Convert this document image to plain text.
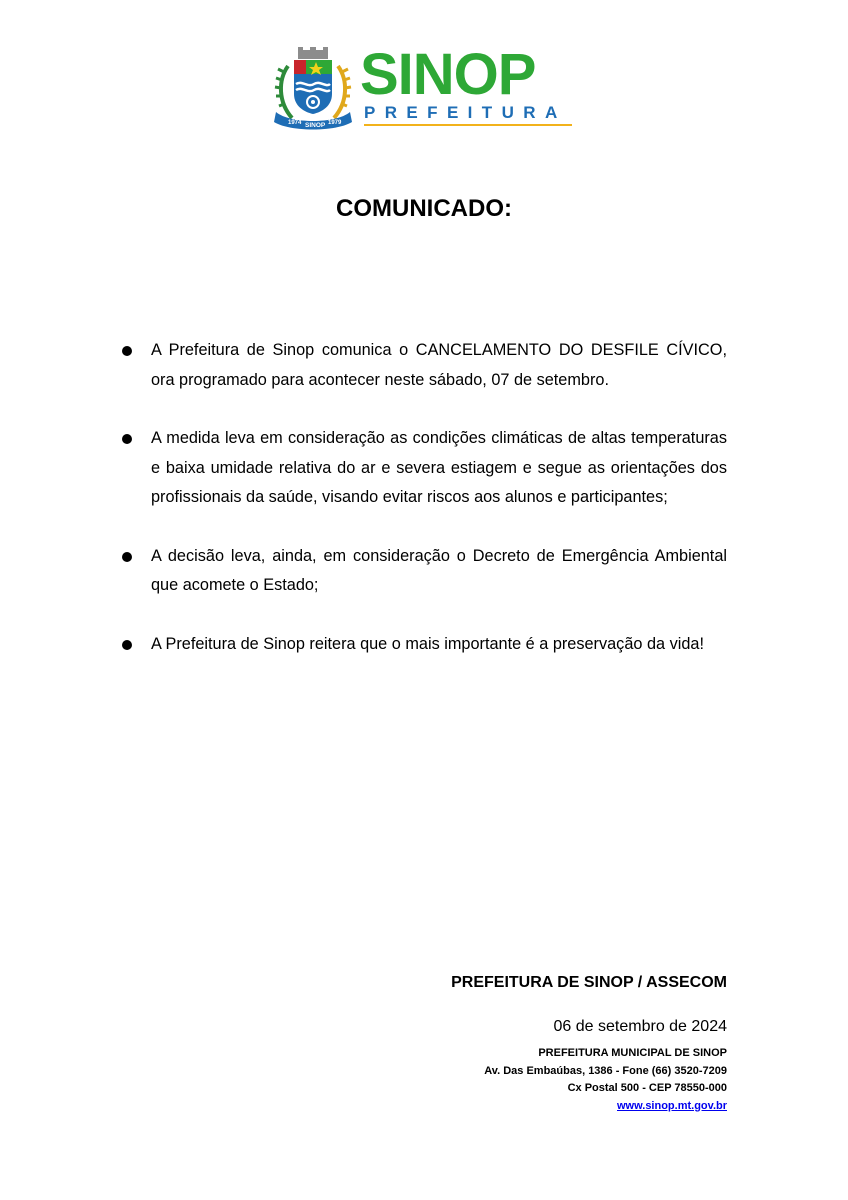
1974 SINOP 1979
SINOP
PREFEITURA
COMUNICADO:
A Prefeitura de Sinop comunica o CANCELAMENTO DO DESFILE CÍVICO, ora programado para acontecer neste sábado, 07 de setembro.
A medida leva em consideração as condições climáticas de altas temperaturas e baixa umidade relativa do ar e severa estiagem e segue as orientações dos profissionais da saúde, visando evitar riscos aos alunos e participantes;
A decisão leva, ainda, em consideração o Decreto de Emergência Ambiental que acomete o Estado;
A Prefeitura de Sinop reitera que o mais importante é a preservação da vida!
PREFEITURA DE SINOP / ASSECOM
06 de setembro de 2024
PREFEITURA MUNICIPAL DE SINOP
Av. Das Embaúbas, 1386 - Fone (66) 3520-7209
Cx Postal 500 - CEP 78550-000
www.sinop.mt.gov.br
